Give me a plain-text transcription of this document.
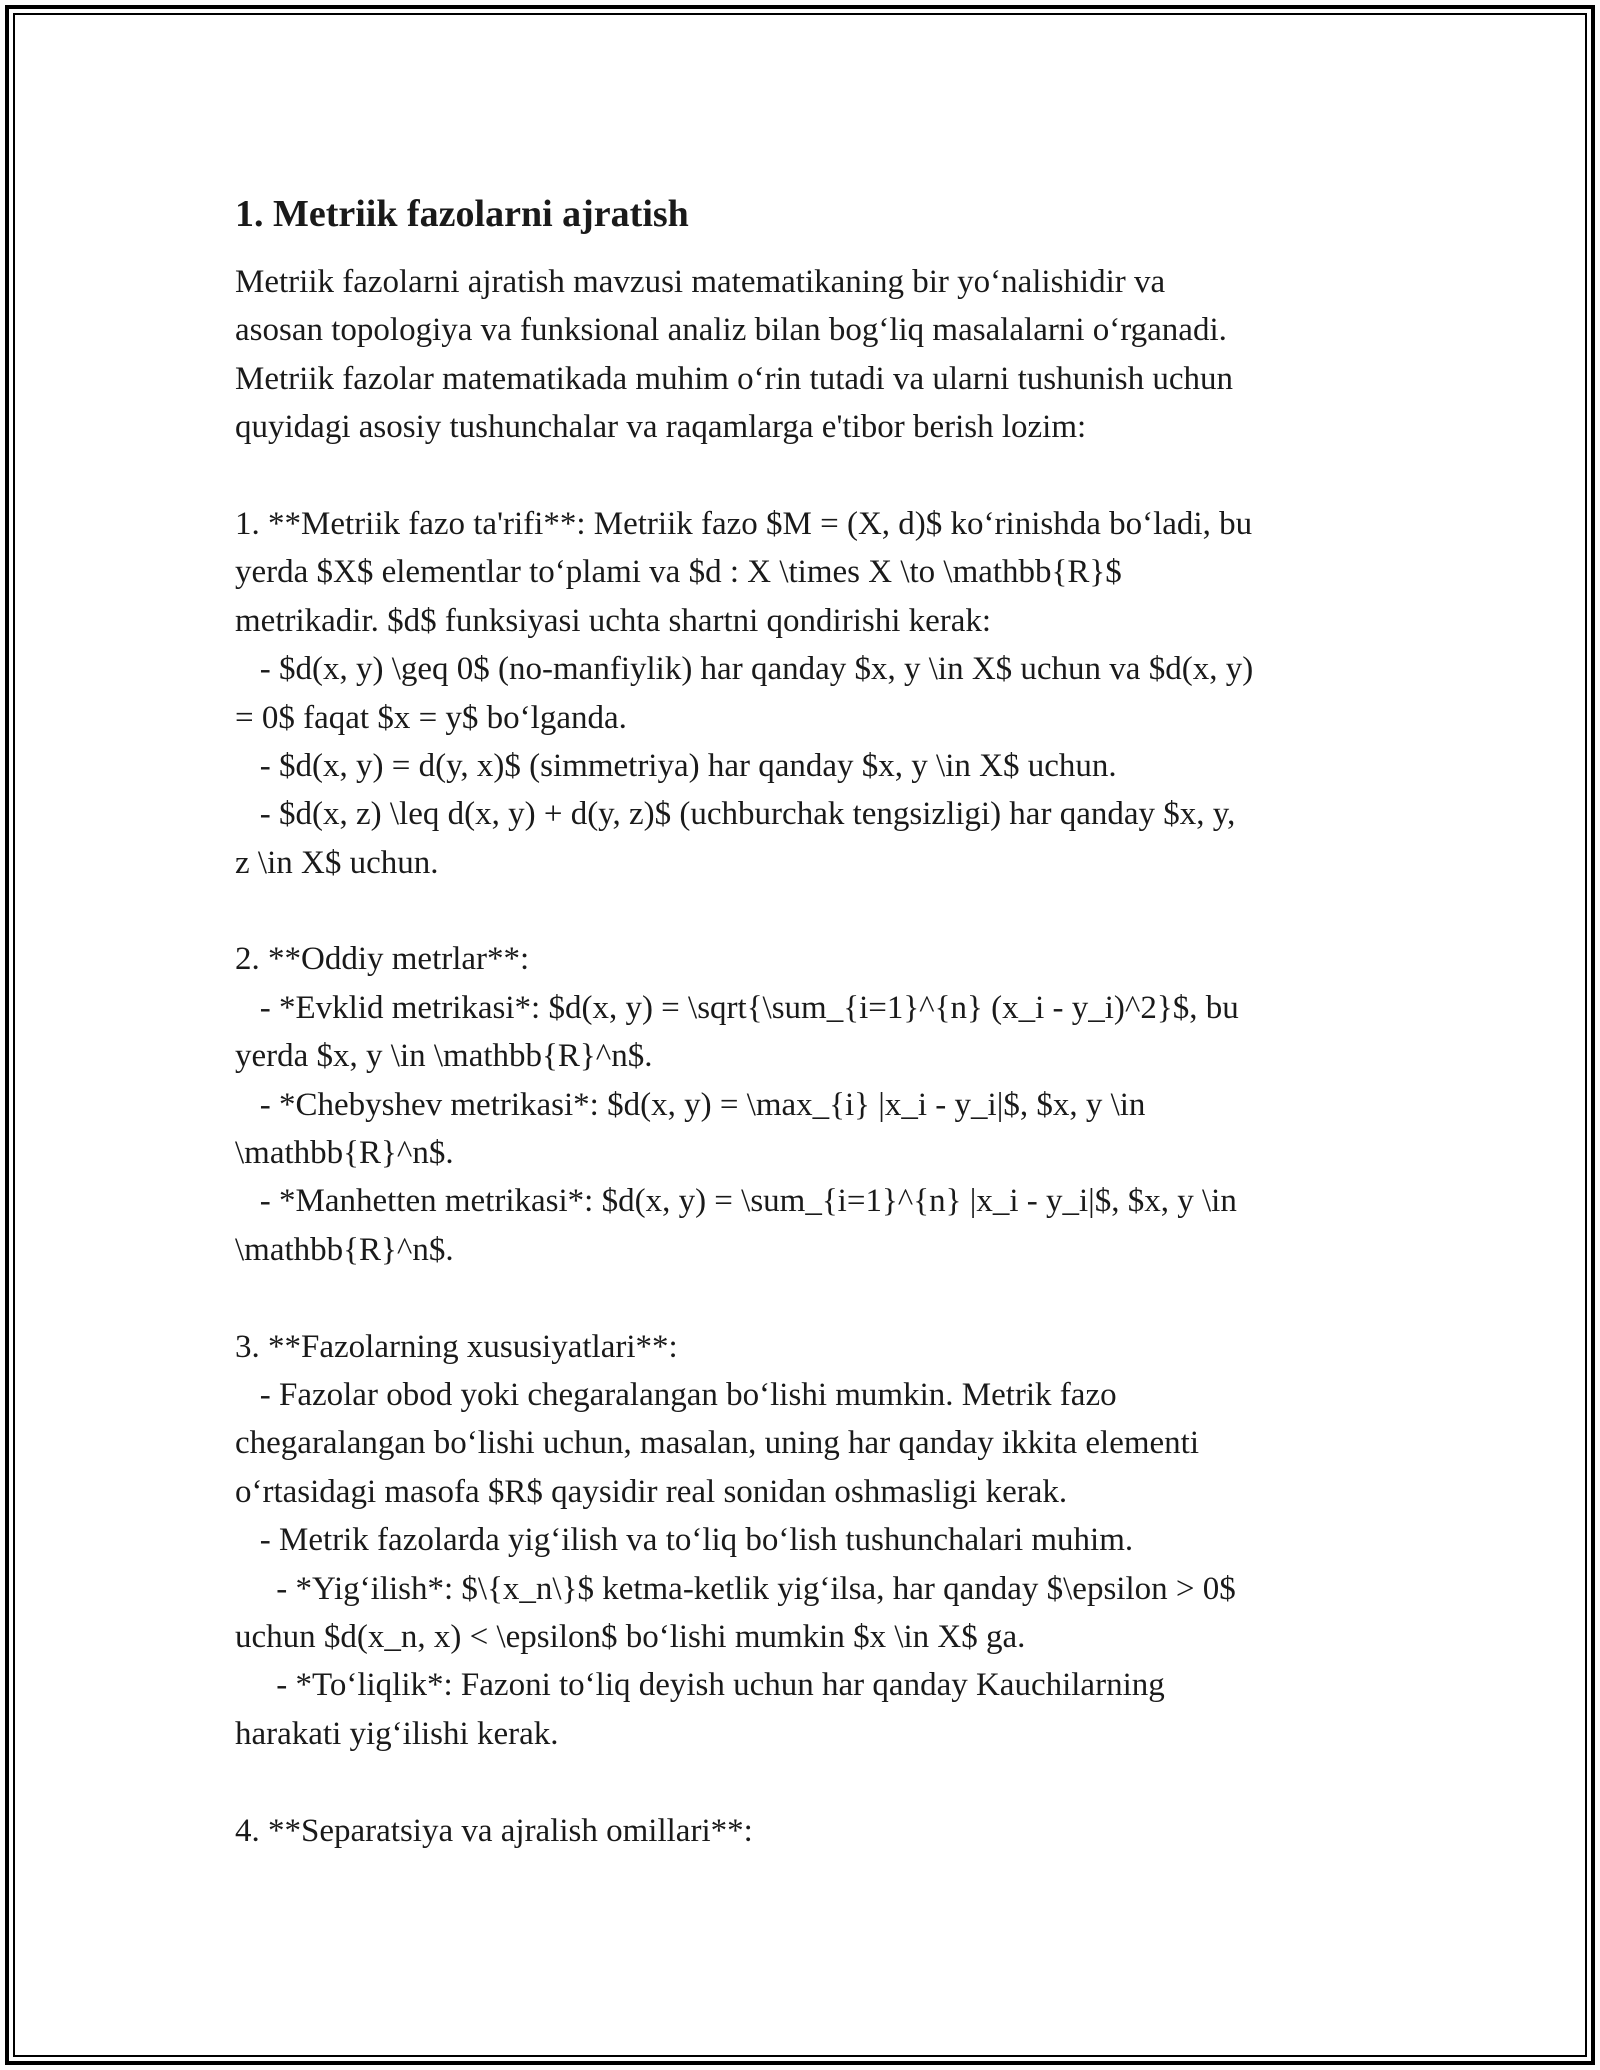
1. Metriik fazolarni ajratish
Metriik fazolarni ajratish mavzusi matematikaning bir yo‘nalishidir va
asosan topologiya va funksional analiz bilan bog‘liq masalalarni o‘rganadi.
Metriik fazolar matematikada muhim o‘rin tutadi va ularni tushunish uchun
quyidagi asosiy tushunchalar va raqamlarga e'tibor berish lozim:
1. **Metriik fazo ta'rifi**: Metriik fazo $M = (X, d)$ ko‘rinishda bo‘ladi, bu
yerda $X$ elementlar to‘plami va $d : X \times X \to \mathbb{R}$
metrikadir. $d$ funksiyasi uchta shartni qondirishi kerak:
- $d(x, y) \geq 0$ (no-manfiylik) har qanday $x, y \in X$ uchun va $d(x, y)
= 0$ faqat $x = y$ bo‘lganda.
- $d(x, y) = d(y, x)$ (simmetriya) har qanday $x, y \in X$ uchun.
- $d(x, z) \leq d(x, y) + d(y, z)$ (uchburchak tengsizligi) har qanday $x, y,
z \in X$ uchun.
2. **Oddiy metrlar**:
- *Evklid metrikasi*: $d(x, y) = \sqrt{\sum_{i=1}^{n} (x_i - y_i)^2}$, bu
yerda $x, y \in \mathbb{R}^n$.
- *Chebyshev metrikasi*: $d(x, y) = \max_{i} |x_i - y_i|$, $x, y \in
\mathbb{R}^n$.
- *Manhetten metrikasi*: $d(x, y) = \sum_{i=1}^{n} |x_i - y_i|$, $x, y \in
\mathbb{R}^n$.
3. **Fazolarning xususiyatlari**:
- Fazolar obod yoki chegaralangan bo‘lishi mumkin. Metrik fazo
chegaralangan bo‘lishi uchun, masalan, uning har qanday ikkita elementi
o‘rtasidagi masofa $R$ qaysidir real sonidan oshmasligi kerak.
- Metrik fazolarda yig‘ilish va to‘liq bo‘lish tushunchalari muhim.
- *Yig‘ilish*: $\{x_n\}$ ketma-ketlik yig‘ilsa, har qanday $\epsilon > 0$
uchun $d(x_n, x) < \epsilon$ bo‘lishi mumkin $x \in X$ ga.
- *To‘liqlik*: Fazoni to‘liq deyish uchun har qanday Kauchilarning
harakati yig‘ilishi kerak.
4. **Separatsiya va ajralish omillari**:
